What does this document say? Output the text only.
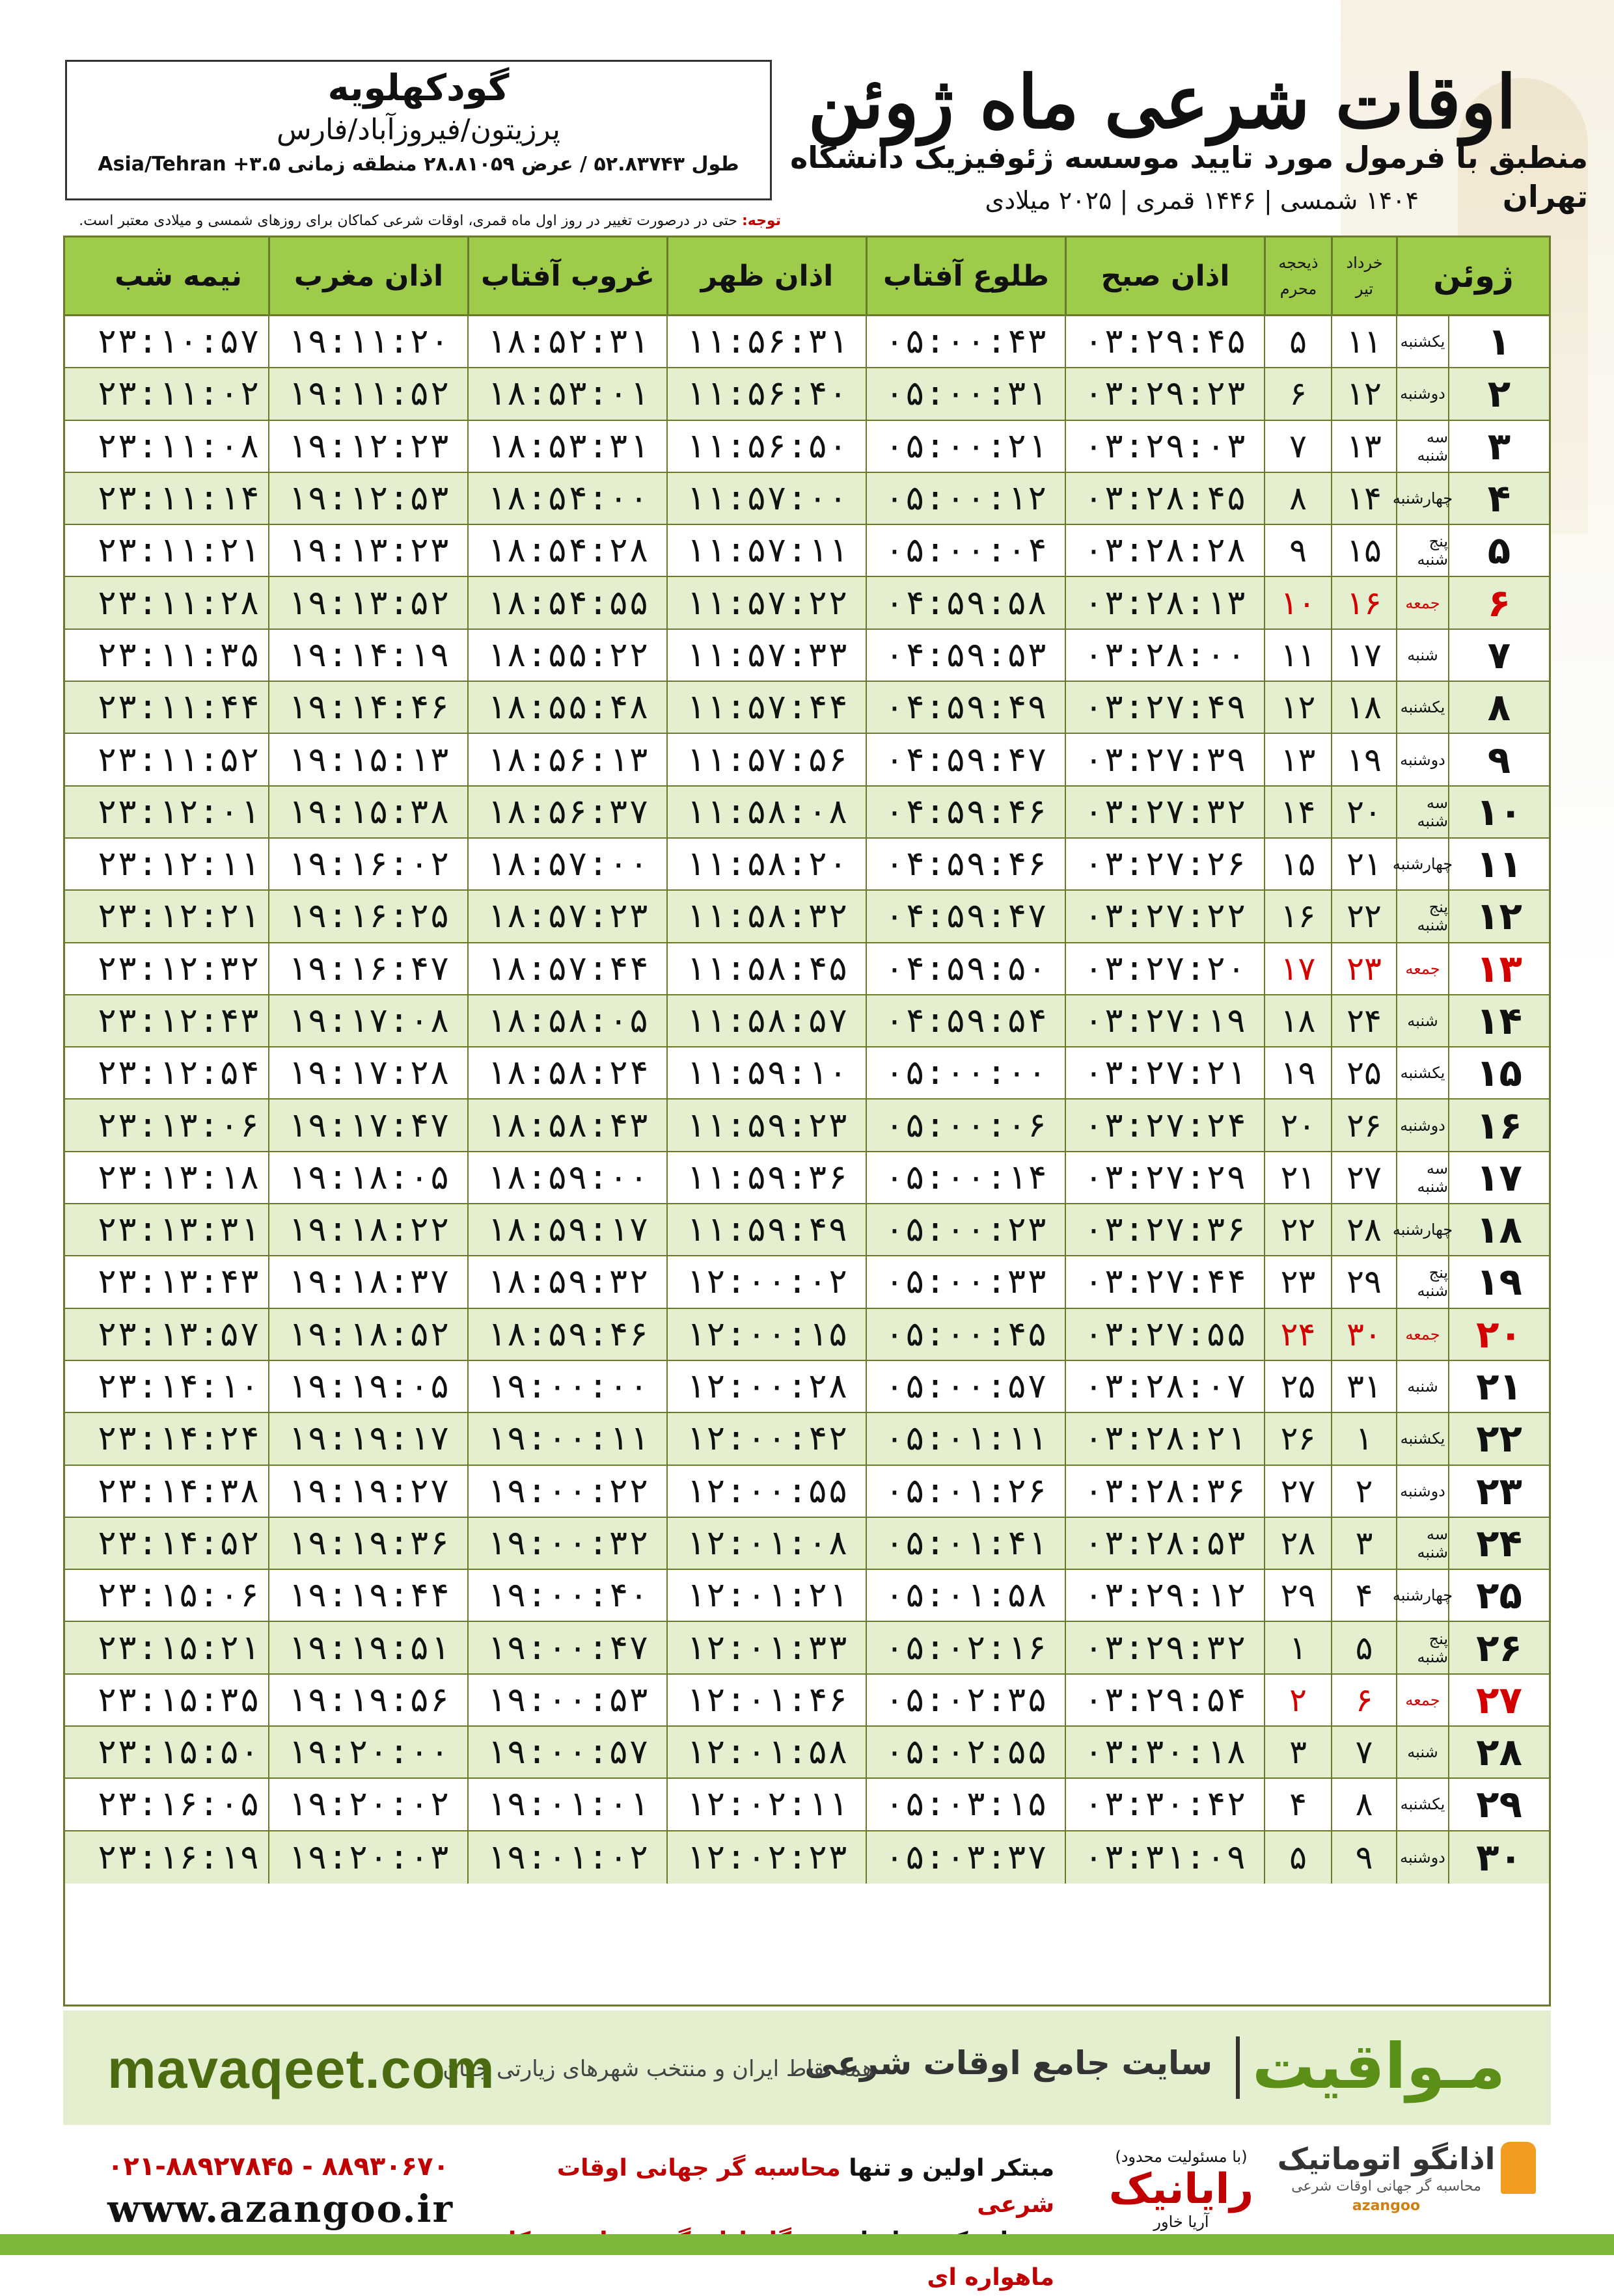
گودکهلویه
پرزیتون/فیروزآباد/فارس
طول ۵۲.۸۳۷۴۳ / عرض ۲۸.۸۱۰۵۹ منطقه زمانی ۳.۵+ Asia/Tehran
اوقات شرعی ماه ژوئن
منطبق با فرمول مورد تایید موسسه ژئوفیزیک دانشگاه تهران
۱۴۰۴ شمسی | ۱۴۴۶ قمری | ۲۰۲۵ میلادی
توجه: حتی در درصورت تغییر در روز اول ماه قمری، اوقات شرعی کماکان برای روزهای شمسی و میلادی معتبر است.
ژوئن
خرداد
تیر
ذیحجه
محرم
اذان صبح
طلوع آفتاب
اذان ظهر
غروب آفتاب
اذان مغرب
نیمه شب
۱
یکشنبه
۱۱
۵
۰۳:۲۹:۴۵
۰۵:۰۰:۴۳
۱۱:۵۶:۳۱
۱۸:۵۲:۳۱
۱۹:۱۱:۲۰
۲۳:۱۰:۵۷
۲
دوشنبه
۱۲
۶
۰۳:۲۹:۲۳
۰۵:۰۰:۳۱
۱۱:۵۶:۴۰
۱۸:۵۳:۰۱
۱۹:۱۱:۵۲
۲۳:۱۱:۰۲
۳
سه شنبه
۱۳
۷
۰۳:۲۹:۰۳
۰۵:۰۰:۲۱
۱۱:۵۶:۵۰
۱۸:۵۳:۳۱
۱۹:۱۲:۲۳
۲۳:۱۱:۰۸
۴
چهارشنبه
۱۴
۸
۰۳:۲۸:۴۵
۰۵:۰۰:۱۲
۱۱:۵۷:۰۰
۱۸:۵۴:۰۰
۱۹:۱۲:۵۳
۲۳:۱۱:۱۴
۵
پنج شنبه
۱۵
۹
۰۳:۲۸:۲۸
۰۵:۰۰:۰۴
۱۱:۵۷:۱۱
۱۸:۵۴:۲۸
۱۹:۱۳:۲۳
۲۳:۱۱:۲۱
۶
جمعه
۱۶
۱۰
۰۳:۲۸:۱۳
۰۴:۵۹:۵۸
۱۱:۵۷:۲۲
۱۸:۵۴:۵۵
۱۹:۱۳:۵۲
۲۳:۱۱:۲۸
۷
شنبه
۱۷
۱۱
۰۳:۲۸:۰۰
۰۴:۵۹:۵۳
۱۱:۵۷:۳۳
۱۸:۵۵:۲۲
۱۹:۱۴:۱۹
۲۳:۱۱:۳۵
۸
یکشنبه
۱۸
۱۲
۰۳:۲۷:۴۹
۰۴:۵۹:۴۹
۱۱:۵۷:۴۴
۱۸:۵۵:۴۸
۱۹:۱۴:۴۶
۲۳:۱۱:۴۴
۹
دوشنبه
۱۹
۱۳
۰۳:۲۷:۳۹
۰۴:۵۹:۴۷
۱۱:۵۷:۵۶
۱۸:۵۶:۱۳
۱۹:۱۵:۱۳
۲۳:۱۱:۵۲
۱۰
سه شنبه
۲۰
۱۴
۰۳:۲۷:۳۲
۰۴:۵۹:۴۶
۱۱:۵۸:۰۸
۱۸:۵۶:۳۷
۱۹:۱۵:۳۸
۲۳:۱۲:۰۱
۱۱
چهارشنبه
۲۱
۱۵
۰۳:۲۷:۲۶
۰۴:۵۹:۴۶
۱۱:۵۸:۲۰
۱۸:۵۷:۰۰
۱۹:۱۶:۰۲
۲۳:۱۲:۱۱
۱۲
پنج شنبه
۲۲
۱۶
۰۳:۲۷:۲۲
۰۴:۵۹:۴۷
۱۱:۵۸:۳۲
۱۸:۵۷:۲۳
۱۹:۱۶:۲۵
۲۳:۱۲:۲۱
۱۳
جمعه
۲۳
۱۷
۰۳:۲۷:۲۰
۰۴:۵۹:۵۰
۱۱:۵۸:۴۵
۱۸:۵۷:۴۴
۱۹:۱۶:۴۷
۲۳:۱۲:۳۲
۱۴
شنبه
۲۴
۱۸
۰۳:۲۷:۱۹
۰۴:۵۹:۵۴
۱۱:۵۸:۵۷
۱۸:۵۸:۰۵
۱۹:۱۷:۰۸
۲۳:۱۲:۴۳
۱۵
یکشنبه
۲۵
۱۹
۰۳:۲۷:۲۱
۰۵:۰۰:۰۰
۱۱:۵۹:۱۰
۱۸:۵۸:۲۴
۱۹:۱۷:۲۸
۲۳:۱۲:۵۴
۱۶
دوشنبه
۲۶
۲۰
۰۳:۲۷:۲۴
۰۵:۰۰:۰۶
۱۱:۵۹:۲۳
۱۸:۵۸:۴۳
۱۹:۱۷:۴۷
۲۳:۱۳:۰۶
۱۷
سه شنبه
۲۷
۲۱
۰۳:۲۷:۲۹
۰۵:۰۰:۱۴
۱۱:۵۹:۳۶
۱۸:۵۹:۰۰
۱۹:۱۸:۰۵
۲۳:۱۳:۱۸
۱۸
چهارشنبه
۲۸
۲۲
۰۳:۲۷:۳۶
۰۵:۰۰:۲۳
۱۱:۵۹:۴۹
۱۸:۵۹:۱۷
۱۹:۱۸:۲۲
۲۳:۱۳:۳۱
۱۹
پنج شنبه
۲۹
۲۳
۰۳:۲۷:۴۴
۰۵:۰۰:۳۳
۱۲:۰۰:۰۲
۱۸:۵۹:۳۲
۱۹:۱۸:۳۷
۲۳:۱۳:۴۳
۲۰
جمعه
۳۰
۲۴
۰۳:۲۷:۵۵
۰۵:۰۰:۴۵
۱۲:۰۰:۱۵
۱۸:۵۹:۴۶
۱۹:۱۸:۵۲
۲۳:۱۳:۵۷
۲۱
شنبه
۳۱
۲۵
۰۳:۲۸:۰۷
۰۵:۰۰:۵۷
۱۲:۰۰:۲۸
۱۹:۰۰:۰۰
۱۹:۱۹:۰۵
۲۳:۱۴:۱۰
۲۲
یکشنبه
۱
۲۶
۰۳:۲۸:۲۱
۰۵:۰۱:۱۱
۱۲:۰۰:۴۲
۱۹:۰۰:۱۱
۱۹:۱۹:۱۷
۲۳:۱۴:۲۴
۲۳
دوشنبه
۲
۲۷
۰۳:۲۸:۳۶
۰۵:۰۱:۲۶
۱۲:۰۰:۵۵
۱۹:۰۰:۲۲
۱۹:۱۹:۲۷
۲۳:۱۴:۳۸
۲۴
سه شنبه
۳
۲۸
۰۳:۲۸:۵۳
۰۵:۰۱:۴۱
۱۲:۰۱:۰۸
۱۹:۰۰:۳۲
۱۹:۱۹:۳۶
۲۳:۱۴:۵۲
۲۵
چهارشنبه
۴
۲۹
۰۳:۲۹:۱۲
۰۵:۰۱:۵۸
۱۲:۰۱:۲۱
۱۹:۰۰:۴۰
۱۹:۱۹:۴۴
۲۳:۱۵:۰۶
۲۶
پنج شنبه
۵
۱
۰۳:۲۹:۳۲
۰۵:۰۲:۱۶
۱۲:۰۱:۳۳
۱۹:۰۰:۴۷
۱۹:۱۹:۵۱
۲۳:۱۵:۲۱
۲۷
جمعه
۶
۲
۰۳:۲۹:۵۴
۰۵:۰۲:۳۵
۱۲:۰۱:۴۶
۱۹:۰۰:۵۳
۱۹:۱۹:۵۶
۲۳:۱۵:۳۵
۲۸
شنبه
۷
۳
۰۳:۳۰:۱۸
۰۵:۰۲:۵۵
۱۲:۰۱:۵۸
۱۹:۰۰:۵۷
۱۹:۲۰:۰۰
۲۳:۱۵:۵۰
۲۹
یکشنبه
۸
۴
۰۳:۳۰:۴۲
۰۵:۰۳:۱۵
۱۲:۰۲:۱۱
۱۹:۰۱:۰۱
۱۹:۲۰:۰۲
۲۳:۱۶:۰۵
۳۰
دوشنبه
۹
۵
۰۳:۳۱:۰۹
۰۵:۰۳:۳۷
۱۲:۰۲:۲۳
۱۹:۰۱:۰۲
۱۹:۲۰:۰۳
۲۳:۱۶:۱۹
مـواقیت
سایت جامع اوقات شرعی
همه نقاط ایران و منتخب شهرهای زیارتی جهان
mavaqeet.com
۰۲۱-۸۸۹۲۷۸۴۵ - ۸۸۹۳۰۶۷۰
www.azangoo.ir
مبتکر اولین و تنها محاسبه گر جهانی اوقات شرعی
ماهواره ای
(با مسئولیت محدود)
رایانیک
آریا خاور
اذانگو اتوماتیک
محاسبه گر جهانی اوقات شرعی
azangoo
